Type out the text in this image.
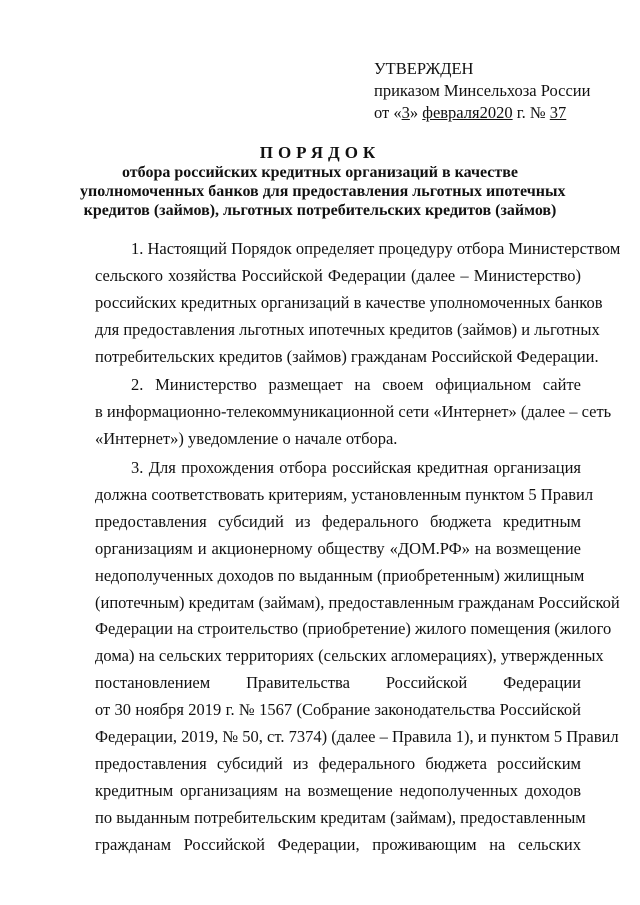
УТВЕРЖДЕН
приказом Минсельхоза России
от «3» февраля2020 г. № 37
ПОРЯДОК
отбора российских кредитных организаций в качестве
уполномоченных банков для предоставления льготных ипотечных
кредитов (займов), льготных потребительских кредитов (займов)
1. Настоящий Порядок определяет процедуру отбора Министерством
сельского хозяйства Российской Федерации (далее – Министерство)
российских кредитных организаций в качестве уполномоченных банков
для предоставления льготных ипотечных кредитов (займов) и льготных
потребительских кредитов (займов) гражданам Российской Федерации.
2. Министерство размещает на своем официальном сайте
в информационно-телекоммуникационной сети «Интернет» (далее – сеть
«Интернет») уведомление о начале отбора.
3. Для прохождения отбора российская кредитная организация
должна соответствовать критериям, установленным пунктом 5 Правил
предоставления субсидий из федерального бюджета кредитным
организациям и акционерному обществу «ДОМ.РФ» на возмещение
недополученных доходов по выданным (приобретенным) жилищным
(ипотечным) кредитам (займам), предоставленным гражданам Российской
Федерации на строительство (приобретение) жилого помещения (жилого
дома) на сельских территориях (сельских агломерациях), утвержденных
постановлением Правительства Российской Федерации
от 30 ноября 2019 г. № 1567 (Собрание законодательства Российской
Федерации, 2019, № 50, ст. 7374) (далее – Правила 1), и пунктом 5 Правил
предоставления субсидий из федерального бюджета российским
кредитным организациям на возмещение недополученных доходов
по выданным потребительским кредитам (займам), предоставленным
гражданам Российской Федерации, проживающим на сельских
